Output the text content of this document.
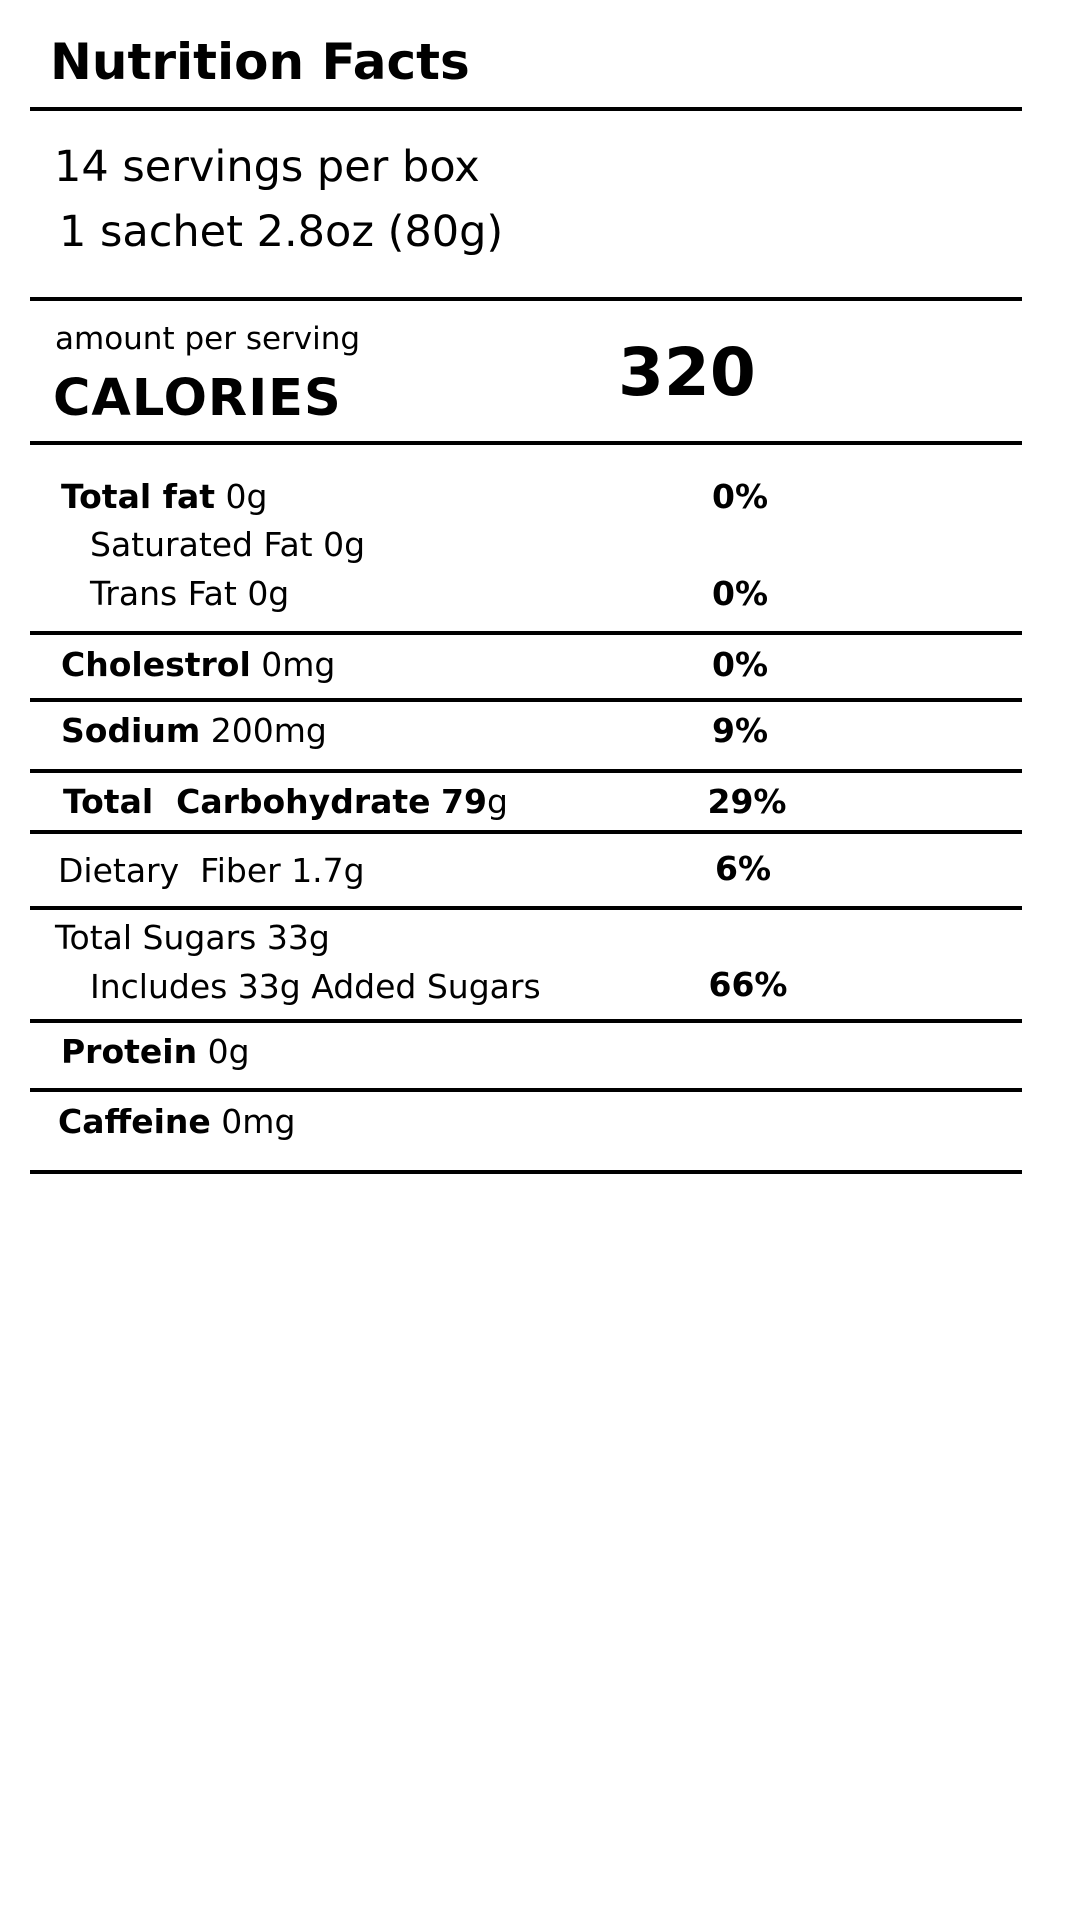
Nutrition Facts
14 servings per box
1 sachet 2.8oz (80g)
amount per serving
CALORIES	320
Total fat 0g	0%
Saturated Fat 0g
Trans Fat 0g	0%
Cholestrol 0mg	0%
Sodium 200mg	9%
Total  Carbohydrate 79g	29%
Dietary  Fiber 1.7g	6%
Total Sugars 33g
Includes 33g Added Sugars	66%
Protein 0g
Caffeine 0mg
